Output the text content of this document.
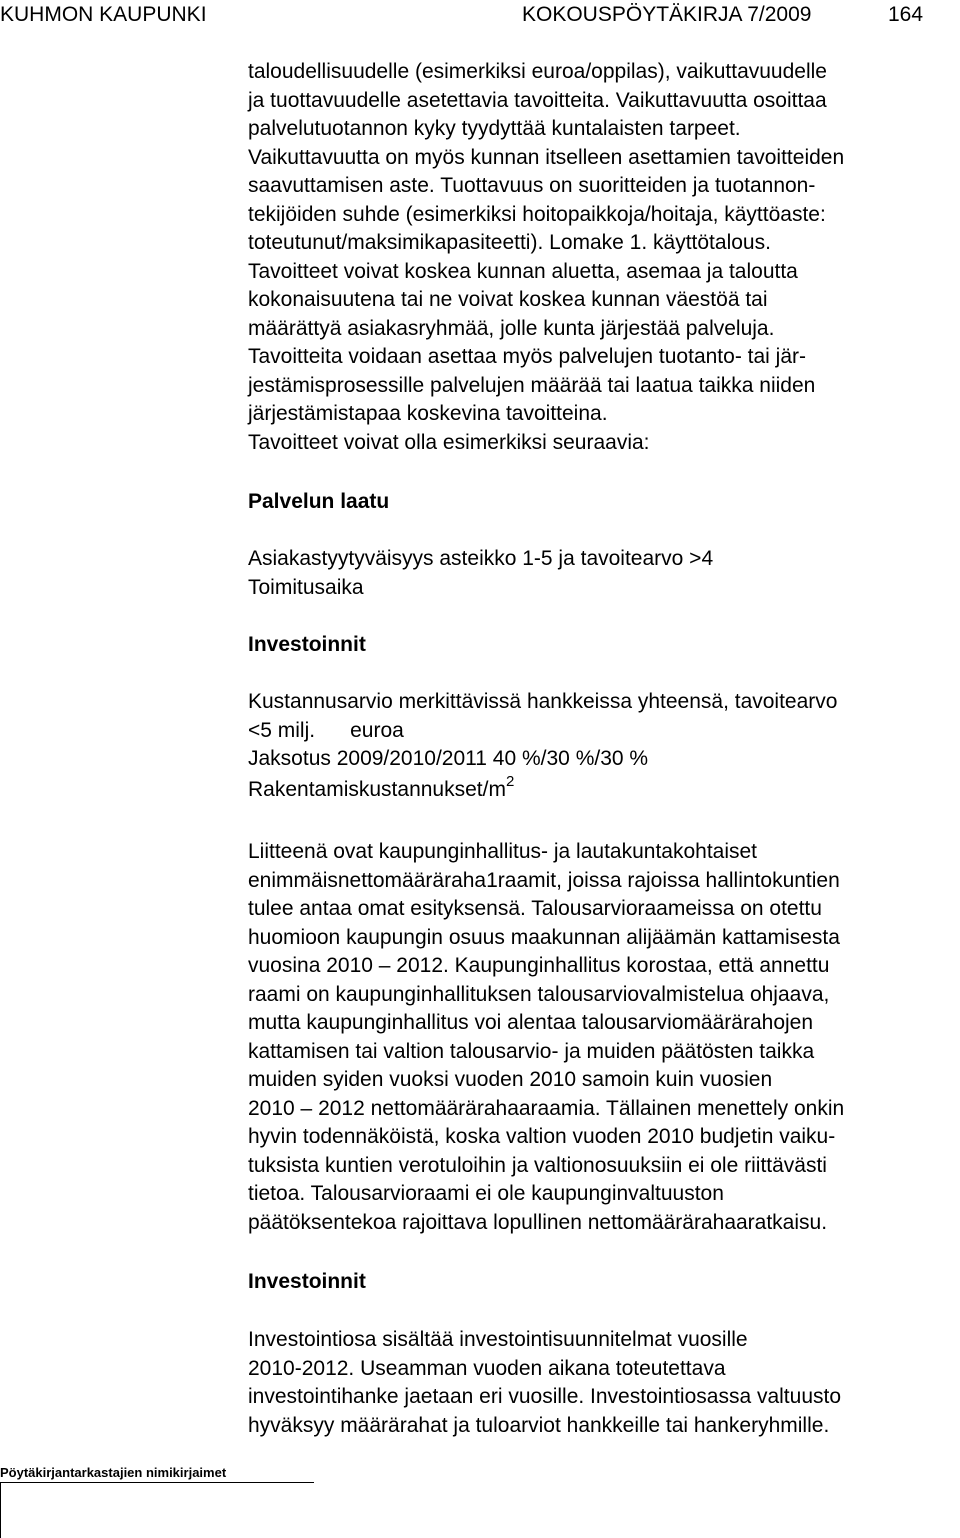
KUHMON KAUPUNKI	KOKOUSPÖYTÄKIRJA 7/2009	164
taloudellisuudelle (esimerkiksi euroa/oppilas), vaikuttavuudelle
ja tuottavuudelle asetettavia tavoitteita. Vaikuttavuutta osoittaa
palvelutuotannon kyky tyydyttää kuntalaisten tarpeet.
Vaikuttavuutta on myös kunnan itselleen asettamien tavoitteiden
saavuttamisen aste. Tuottavuus on suoritteiden ja tuotannon-
tekijöiden suhde (esimerkiksi hoitopaikkoja/hoitaja, käyttöaste:
toteutunut/maksimikapasiteetti). Lomake 1. käyttötalous.
Tavoitteet voivat koskea kunnan aluetta, asemaa ja taloutta
kokonaisuutena tai ne voivat koskea kunnan väestöä tai
määrättyä asiakasryhmää, jolle kunta järjestää palveluja.
Tavoitteita voidaan asettaa myös palvelujen tuotanto- tai jär-
jestämisprosessille palvelujen määrää tai laatua taikka niiden
järjestämistapaa koskevina tavoitteina.
Tavoitteet voivat olla esimerkiksi seuraavia:
Palvelun laatu
Asiakastyytyväisyys asteikko 1-5 ja tavoitearvo >4
Toimitusaika
Investoinnit
Kustannusarvio merkittävissä hankkeissa yhteensä, tavoitearvo
<5 milj.      euroa
Jaksotus 2009/2010/2011 40 %/30 %/30 %
Rakentamiskustannukset/$m^2$
Liitteenä ovat kaupunginhallitus- ja lautakuntakohtaiset
enimmäisnettomääräraha1raamit, joissa rajoissa hallintokuntien
tulee antaa omat esityksensä. Talousarvioraameissa on otettu
huomioon kaupungin osuus maakunnan alijäämän kattamisesta
vuosina 2010 – 2012. Kaupunginhallitus korostaa, että annettu
raami on kaupunginhallituksen talousarviovalmistelua ohjaava,
mutta kaupunginhallitus voi alentaa talousarviomäärärahojen
kattamisen tai valtion talousarvio- ja muiden päätösten taikka
muiden syiden vuoksi vuoden 2010 samoin kuin vuosien
2010 – 2012 nettomäärärahaaraamia. Tällainen menettely onkin
hyvin todennäköistä, koska valtion vuoden 2010 budjetin vaiku-
tuksista kuntien verotuloihin ja valtionosuuksiin ei ole riittävästi
tietoa. Talousarvioraami ei ole kaupunginvaltuuston
päätöksentekoa rajoittava lopullinen nettomäärärahaaratkaisu.
Investoinnit
Investointiosa sisältää investointisuunnitelmat vuosille
2010-2012. Useamman vuoden aikana toteutettava
investointihanke jaetaan eri vuosille. Investointiosassa valtuusto
hyväksyy määrärahat ja tuloarviot hankkeille tai hankeryhmille.
Pöytäkirjantarkastajien nimikirjaimet
